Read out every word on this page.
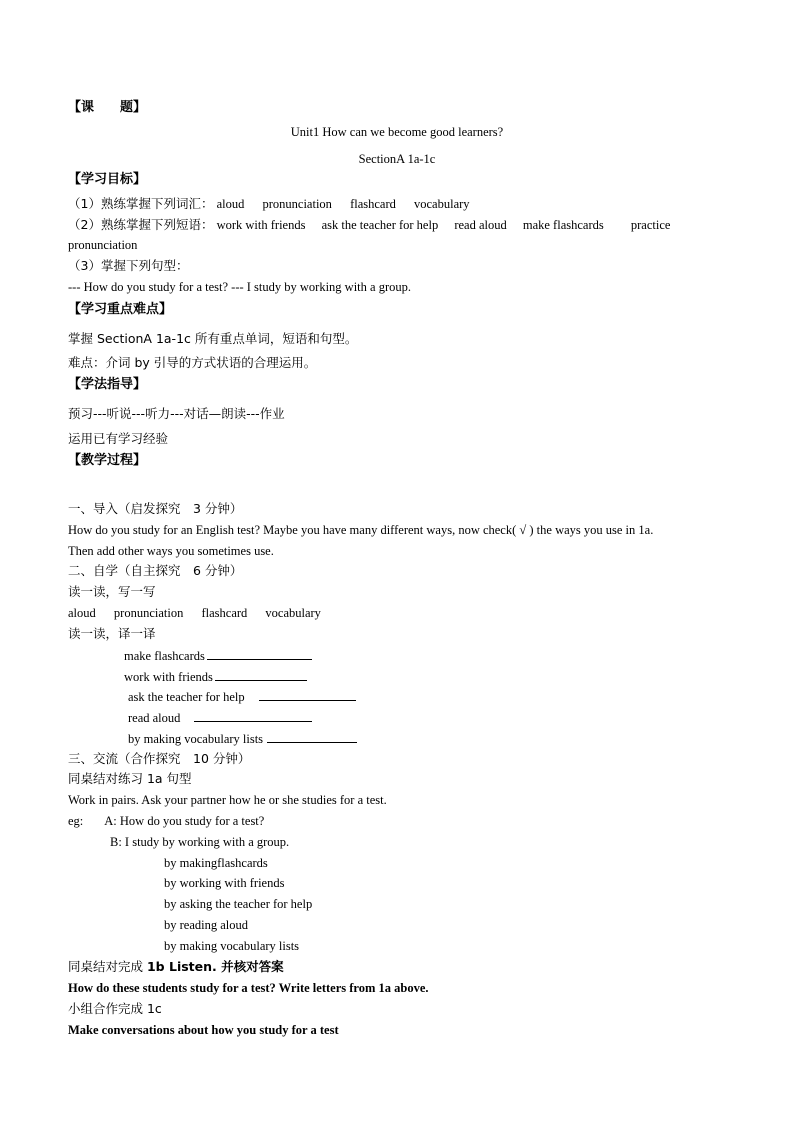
【课　　题】
Unit1 How can we become good learners?
SectionA 1a-1c
【学习目标】
（1）熟练掌握下列词汇： aloud pronunciation flashcard vocabulary
（2）熟练掌握下列短语： work with friends ask the teacher for help read aloud make flashcards practice
pronunciation
（3）掌握下列句型：
--- How do you study for a test? --- I study by working with a group.
【学习重点难点】
掌握 SectionA 1a-1c 所有重点单词，短语和句型。
难点：介词 by 引导的方式状语的合理运用。
【学法指导】
预习---听说---听力---对话—朗读---作业
运用已有学习经验
【教学过程】
一、导入（启发探究　3 分钟）
How do you study for an English test? Maybe you have many different ways, now check( √ ) the ways you use in 1a.
Then add other ways you sometimes use.
二、自学（自主探究　6 分钟）
读一读，写一写
aloud pronunciation flashcard vocabulary
读一读，译一译
make flashcards
work with friends
ask the teacher for help
read aloud
by making vocabulary lists
三、交流（合作探究　10 分钟）
同桌结对练习 1a 句型
Work in pairs. Ask your partner how he or she studies for a test.
eg: A: How do you study for a test?
B: I study by working with a group.
by makingflashcards
by working with friends
by asking the teacher for help
by reading aloud
by making vocabulary lists
同桌结对完成 1b Listen. 并核对答案
How do these students study for a test? Write letters from 1a above.
小组合作完成 1c
Make conversations about how you study for a test
